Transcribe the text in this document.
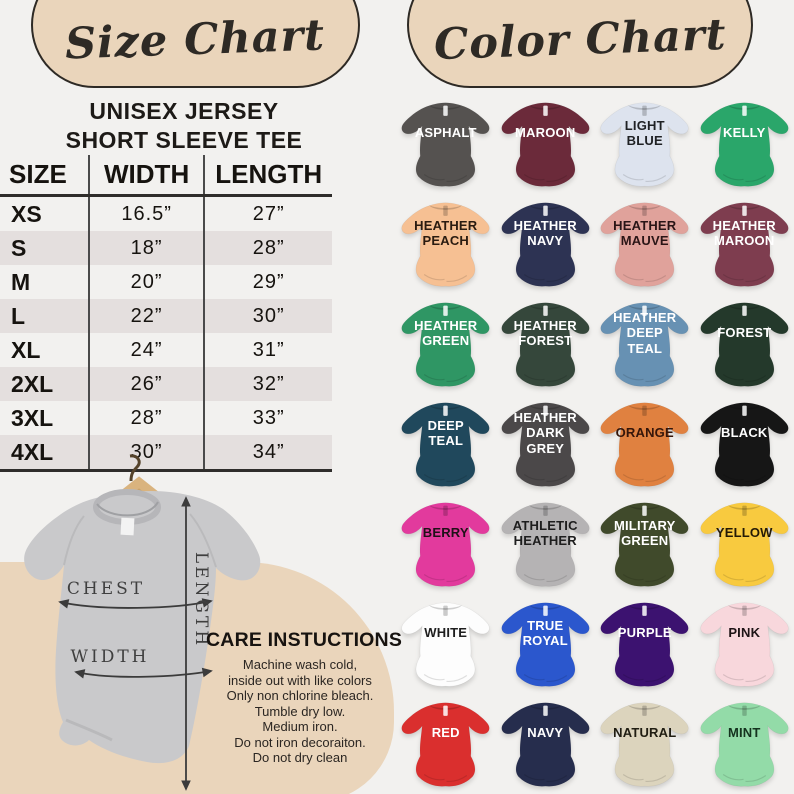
Size Chart
UNISEX JERSEY
SHORT SLEEVE TEE
SIZE	WIDTH	LENGTH
XS	16.5”	27”
S	18”	28”
M	20”	29”
L	22”	30”
XL	24”	31”
2XL	26”	32”
3XL	28”	33”
4XL	30”	34”
CHEST
WIDTH
LENGTH
CARE INSTUCTIONS
Machine wash cold,
inside out with like colors
Only non chlorine bleach.
Tumble dry low.
Medium iron.
Do not iron decoraiton.
Do not dry clean
Color Chart
ASPHALT	MAROON
LIGHT BLUE
KELLY
HEATHER PEACH
HEATHER NAVY
HEATHER MAUVE
HEATHER MAROON
HEATHER GREEN
HEATHER FOREST
HEATHER DEEP TEAL
FOREST
DEEP TEAL
HEATHER DARK GREY
ORANGE	BLACK
BERRY
ATHLETIC HEATHER
MILITARY GREEN
YELLOW
WHITE
TRUE ROYAL
PURPLE	PINK
RED	NAVY	NATURAL	MINT
